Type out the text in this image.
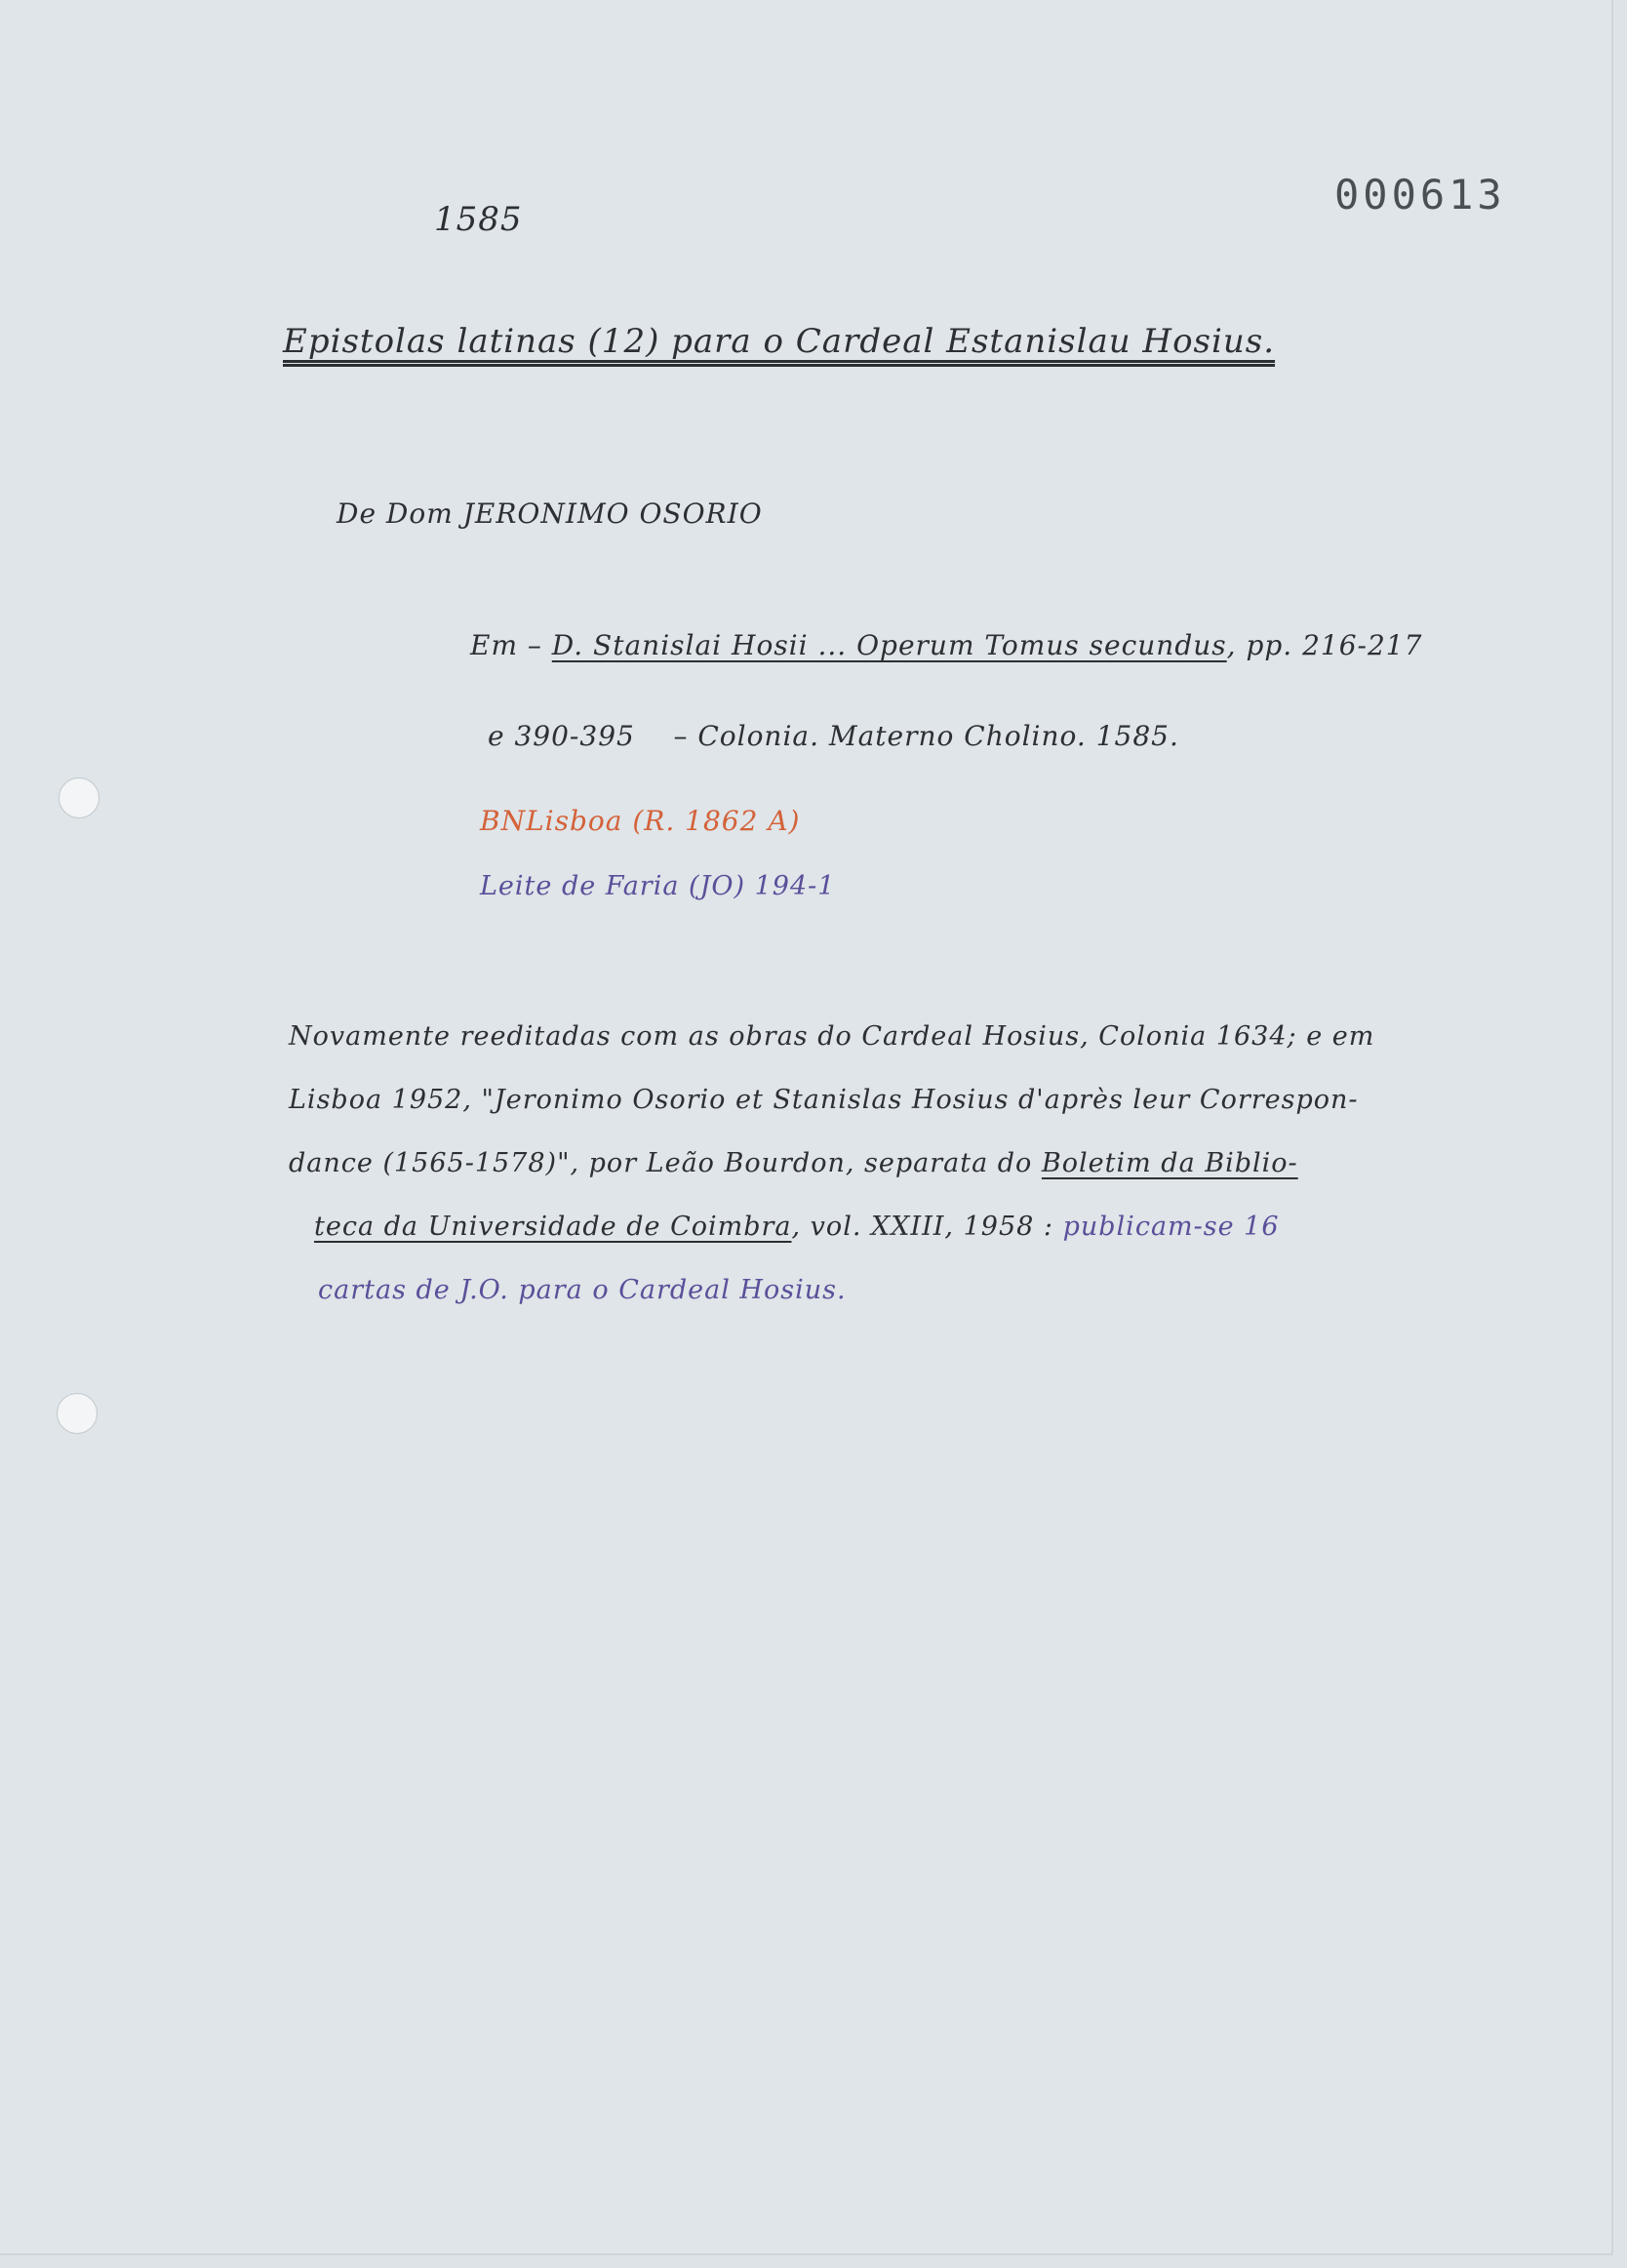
1585

000613

Epistolas latinas (12) para o Cardeal Estanislau Hosius.

De Dom JERONIMO OSORIO

Em – D. Stanislai Hosii ... Operum Tomus secundus, pp. 216-217

e 390-395 – Colonia. Materno Cholino. 1585.

BNLisboa (R. 1862 A)

Leite de Faria (JO) 194-1

Novamente reeditadas com as obras do Cardeal Hosius, Colonia 1634; e em
Lisboa 1952, "Jeronimo Osorio et Stanislas Hosius d'après leur Correspon-
dance (1565-1578)", por Leão Bourdon, separata do Boletim da Biblio-
teca da Universidade de Coimbra, vol. XXIII, 1958 : publicam-se 16
cartas de J.O. para o Cardeal Hosius.
